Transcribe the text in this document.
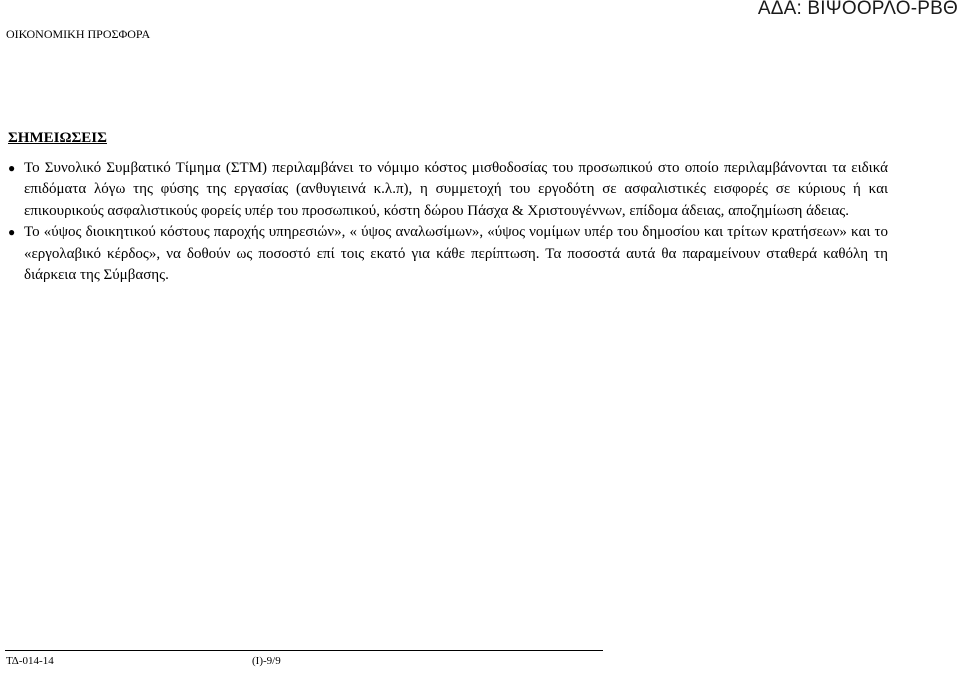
ΑΔΑ: ΒΙΨΟΟΡΛΟ-ΡΒΘ
ΟΙΚΟΝΟΜΙΚΗ ΠΡΟΣΦΟΡΑ
ΣΗΜΕΙΩΣΕΙΣ
● Το Συνολικό Συμβατικό Τίμημα (ΣΤΜ) περιλαμβάνει το νόμιμο κόστος μισθοδοσίας του προσωπικού στο οποίο περιλαμβάνονται τα ειδικά επιδόματα λόγω της φύσης της εργασίας (ανθυγιεινά κ.λ.π), η συμμετοχή του εργοδότη σε ασφαλιστικές εισφορές σε κύριους ή και επικουρικούς ασφαλιστικούς φορείς υπέρ του προσωπικού, κόστη δώρου Πάσχα & Χριστουγέννων, επίδομα άδειας, αποζημίωση άδειας.
● Το «ύψος διοικητικού κόστους παροχής υπηρεσιών», « ύψος αναλωσίμων», «ύψος νομίμων υπέρ του δημοσίου και τρίτων κρατήσεων» και το «εργολαβικό κέρδος», να δοθούν ως ποσοστό επί τοις εκατό για κάθε περίπτωση. Τα ποσοστά αυτά θα παραμείνουν σταθερά καθόλη τη διάρκεια της Σύμβασης.
ΤΔ-014-14	(Ι)-9/9
